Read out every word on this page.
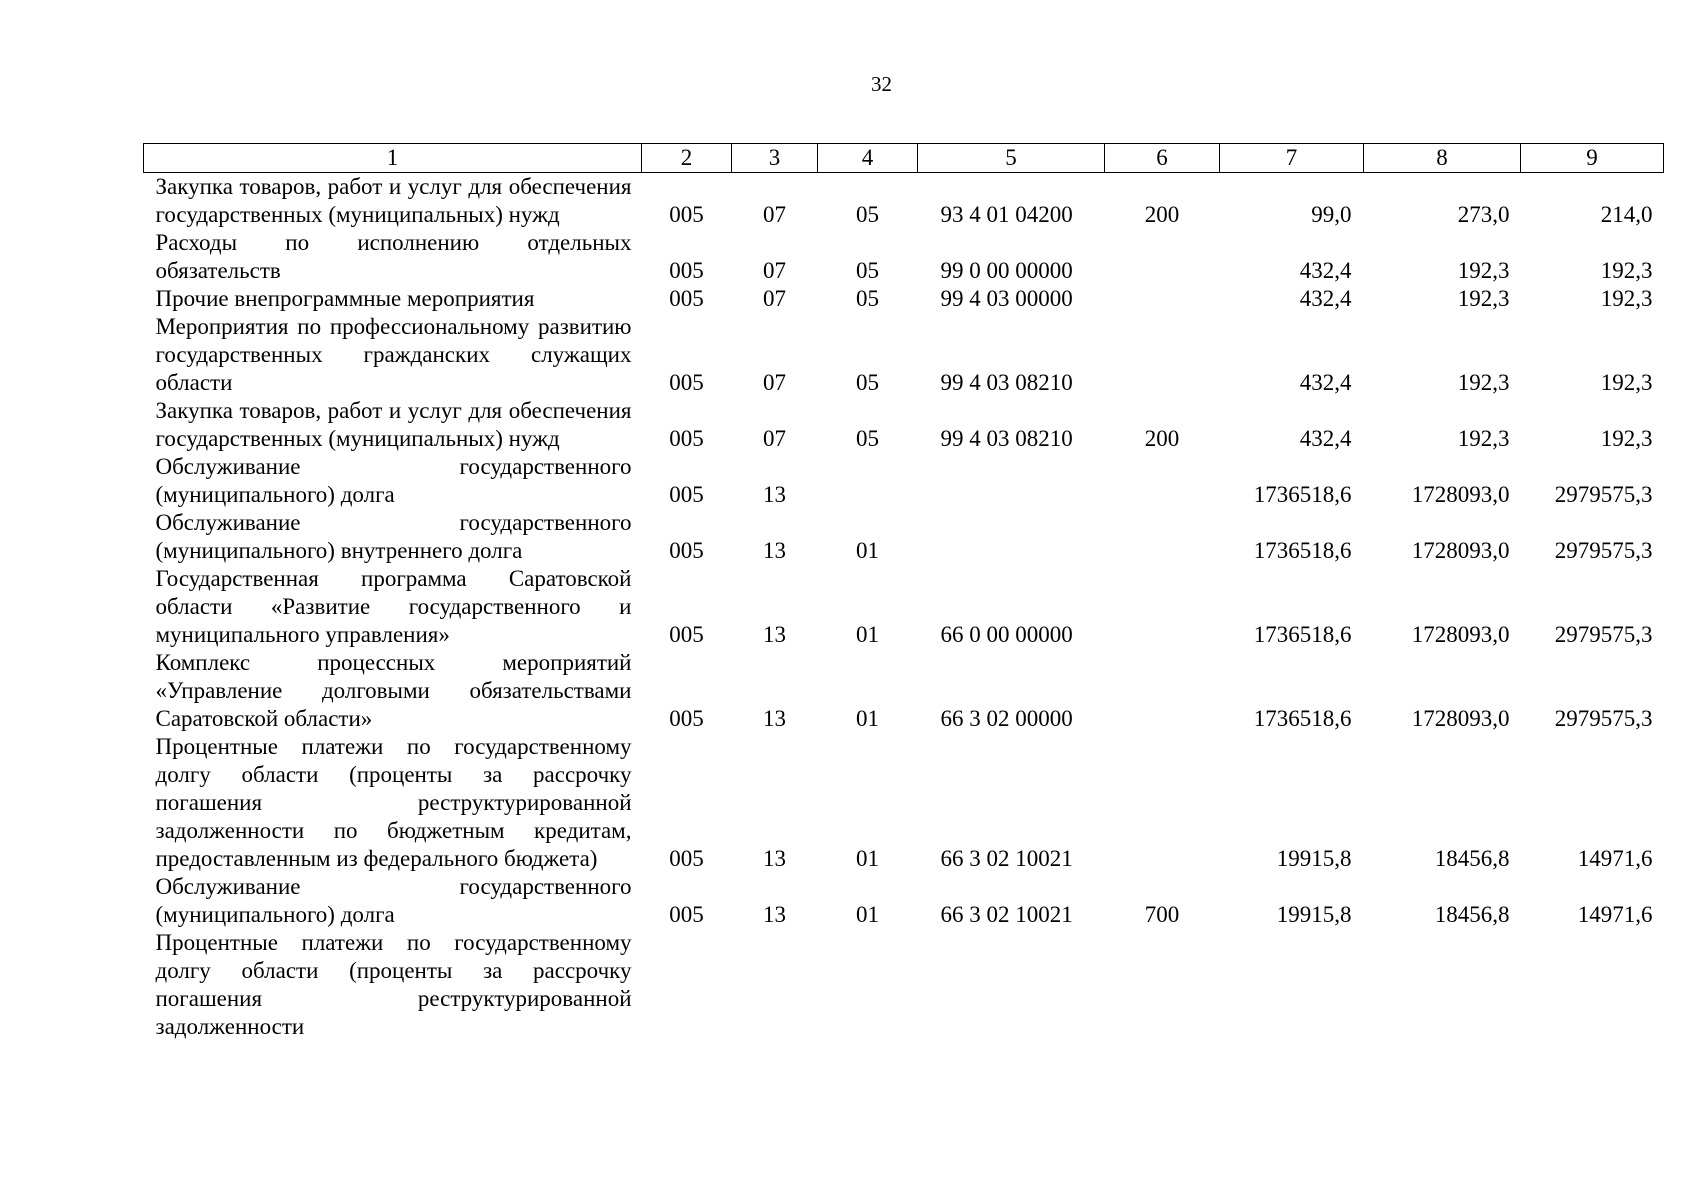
32
1	2	3	4	5	6	7	8	9
Закупка товаров, работ и услуг для обеспечения государственных (муниципальных) нужд	005	07	05	93 4 01 04200	200	99,0	273,0	214,0
Расходы по исполнению отдельных обязательств	005	07	05	99 0 00 00000		432,4	192,3	192,3
Прочие внепрограммные мероприятия	005	07	05	99 4 03 00000		432,4	192,3	192,3
Мероприятия по профессиональному развитию государственных гражданских служащих области	005	07	05	99 4 03 08210		432,4	192,3	192,3
Закупка товаров, работ и услуг для обеспечения государственных (муниципальных) нужд	005	07	05	99 4 03 08210	200	432,4	192,3	192,3
Обслуживание государственного (муниципального) долга	005	13				1736518,6	1728093,0	2979575,3
Обслуживание государственного (муниципального) внутреннего долга	005	13	01			1736518,6	1728093,0	2979575,3
Государственная программа Саратовской области «Развитие государственного и муниципального управления»	005	13	01	66 0 00 00000		1736518,6	1728093,0	2979575,3
Комплекс процессных мероприятий «Управление долговыми обязательствами Саратовской области»	005	13	01	66 3 02 00000		1736518,6	1728093,0	2979575,3
Процентные платежи по государственному долгу области (проценты за рассрочку погашения реструктурированной задолженности по бюджетным кредитам, предоставленным из федерального бюджета)	005	13	01	66 3 02 10021		19915,8	18456,8	14971,6
Обслуживание государственного (муниципального) долга	005	13	01	66 3 02 10021	700	19915,8	18456,8	14971,6
Процентные платежи по государственному долгу области (проценты за рассрочку погашения реструктурированной задолженности								
